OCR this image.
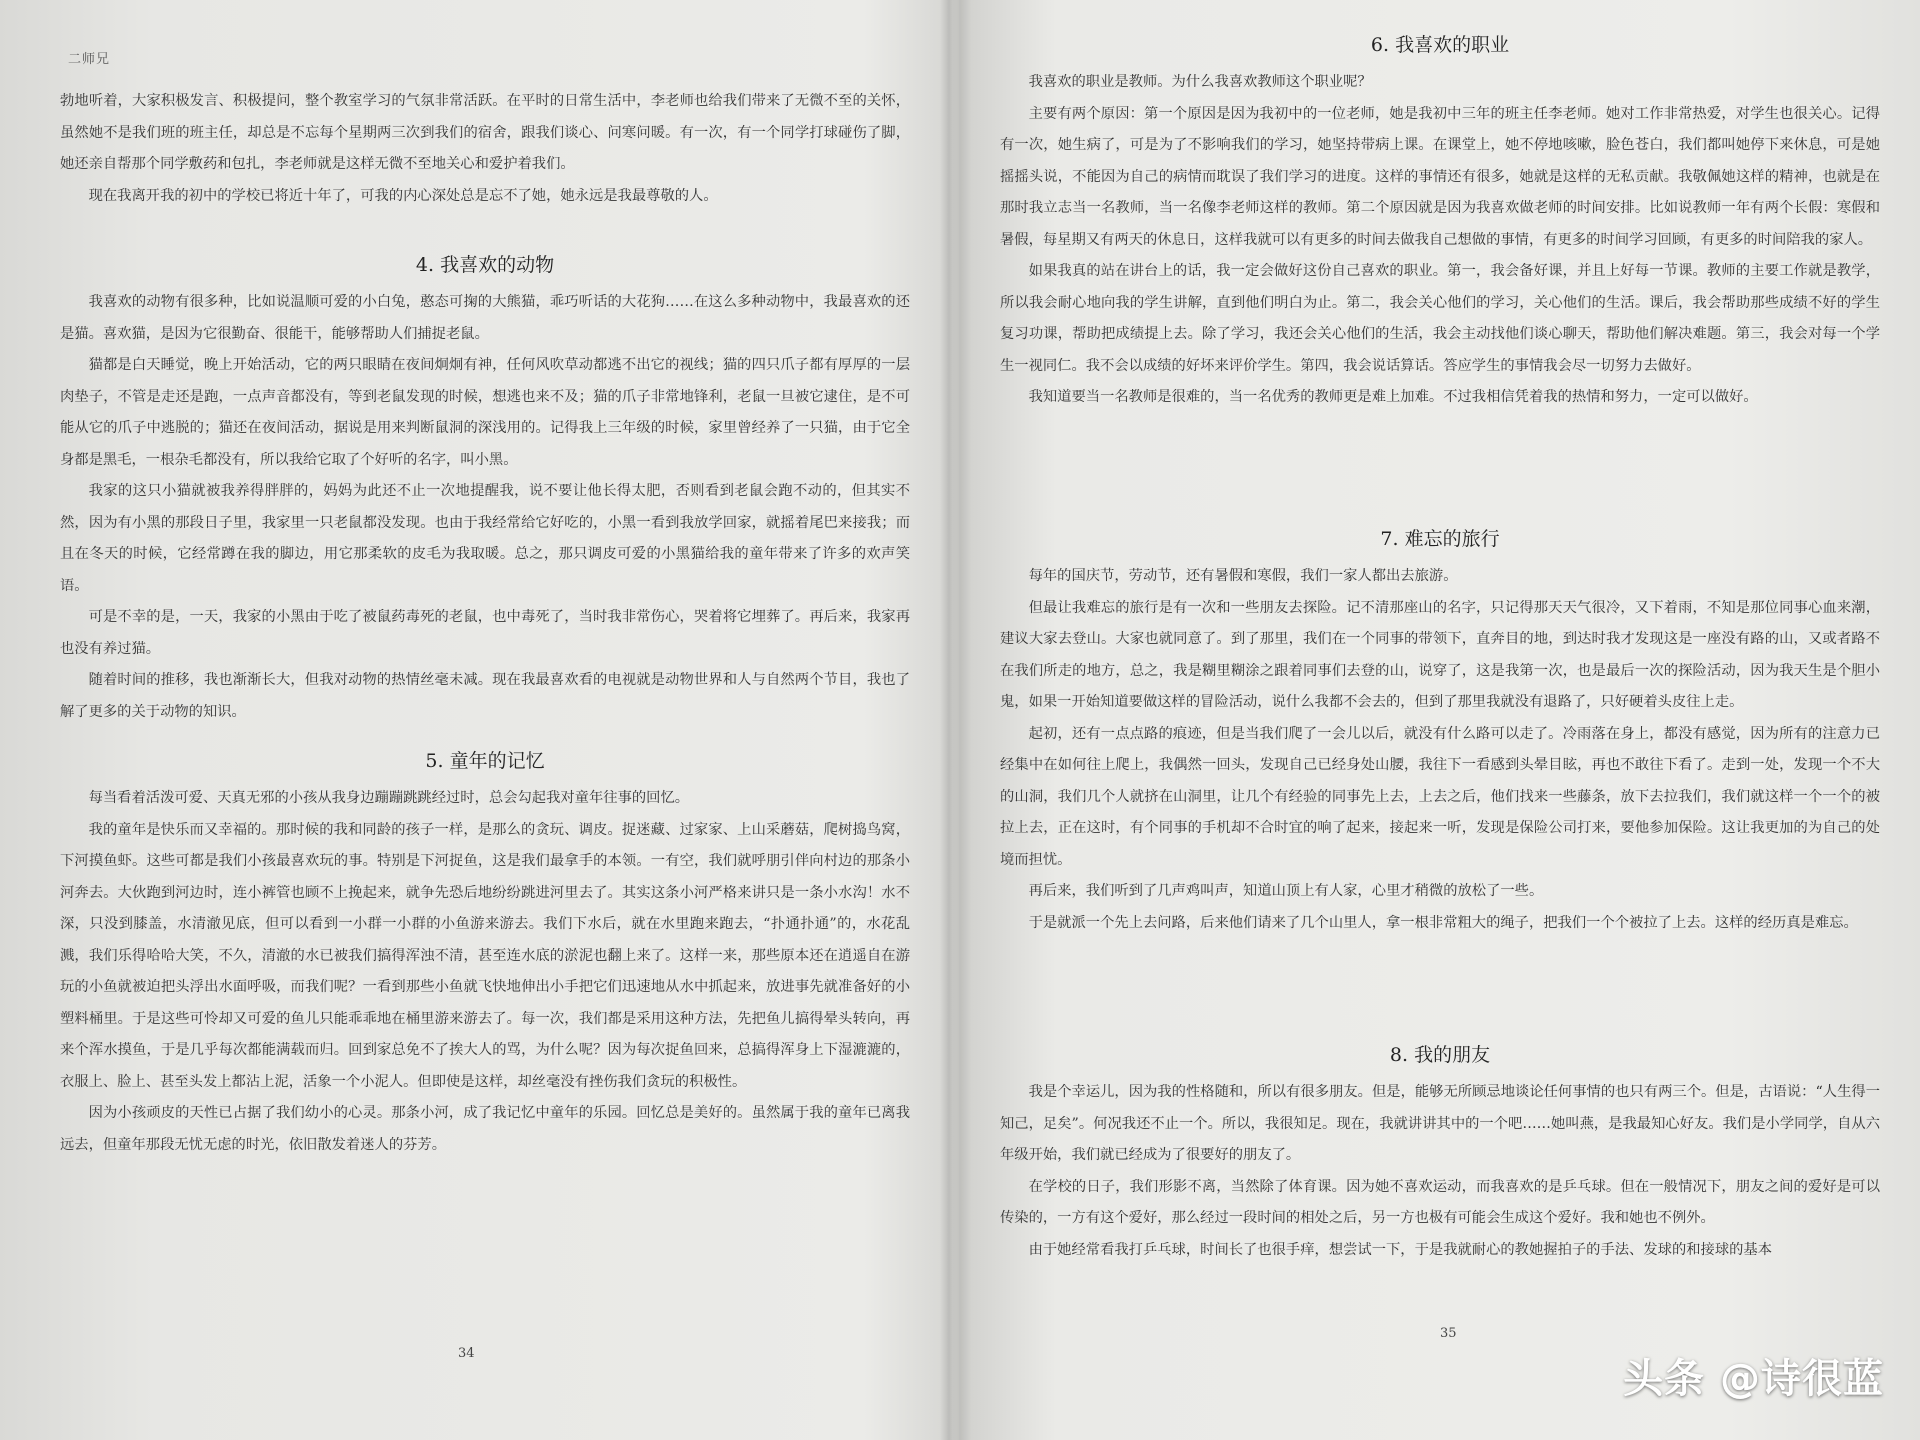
二师兄

勃地听着，大家积极发言、积极提问，整个教室学习的气氛非常活跃。在平时的日常生活中，李老师也给我们带来了无微不至的关怀，虽然她不是我们班的班主任，却总是不忘每个星期两三次到我们的宿舍，跟我们谈心、问寒问暖。有一次，有一个同学打球碰伤了脚，她还亲自帮那个同学敷药和包扎，李老师就是这样无微不至地关心和爱护着我们。

现在我离开我的初中的学校已将近十年了，可我的内心深处总是忘不了她，她永远是我最尊敬的人。

4. 我喜欢的动物

我喜欢的动物有很多种，比如说温顺可爱的小白兔，憨态可掬的大熊猫，乖巧听话的大花狗……在这么多种动物中，我最喜欢的还是猫。喜欢猫，是因为它很勤奋、很能干，能够帮助人们捕捉老鼠。

猫都是白天睡觉，晚上开始活动，它的两只眼睛在夜间炯炯有神，任何风吹草动都逃不出它的视线；猫的四只爪子都有厚厚的一层肉垫子，不管是走还是跑，一点声音都没有，等到老鼠发现的时候，想逃也来不及；猫的爪子非常地锋利，老鼠一旦被它逮住，是不可能从它的爪子中逃脱的；猫还在夜间活动，据说是用来判断鼠洞的深浅用的。记得我上三年级的时候，家里曾经养了一只猫，由于它全身都是黑毛，一根杂毛都没有，所以我给它取了个好听的名字，叫小黑。

我家的这只小猫就被我养得胖胖的，妈妈为此还不止一次地提醒我，说不要让他长得太肥，否则看到老鼠会跑不动的，但其实不然，因为有小黑的那段日子里，我家里一只老鼠都没发现。也由于我经常给它好吃的，小黑一看到我放学回家，就摇着尾巴来接我；而且在冬天的时候，它经常蹲在我的脚边，用它那柔软的皮毛为我取暖。总之，那只调皮可爱的小黑猫给我的童年带来了许多的欢声笑语。

可是不幸的是，一天，我家的小黑由于吃了被鼠药毒死的老鼠，也中毒死了，当时我非常伤心，哭着将它埋葬了。再后来，我家再也没有养过猫。

随着时间的推移，我也渐渐长大，但我对动物的热情丝毫未减。现在我最喜欢看的电视就是动物世界和人与自然两个节目，我也了解了更多的关于动物的知识。

5. 童年的记忆

每当看着活泼可爱、天真无邪的小孩从我身边蹦蹦跳跳经过时，总会勾起我对童年往事的回忆。

我的童年是快乐而又幸福的。那时候的我和同龄的孩子一样，是那么的贪玩、调皮。捉迷藏、过家家、上山采蘑菇，爬树捣鸟窝，下河摸鱼虾。这些可都是我们小孩最喜欢玩的事。特别是下河捉鱼，这是我们最拿手的本领。一有空，我们就呼朋引伴向村边的那条小河奔去。大伙跑到河边时，连小裤管也顾不上挽起来，就争先恐后地纷纷跳进河里去了。其实这条小河严格来讲只是一条小水沟！水不深，只没到膝盖，水清澈见底，但可以看到一小群一小群的小鱼游来游去。我们下水后，就在水里跑来跑去，“扑通扑通”的，水花乱溅，我们乐得哈哈大笑，不久，清澈的水已被我们搞得浑浊不清，甚至连水底的淤泥也翻上来了。这样一来，那些原本还在逍遥自在游玩的小鱼就被迫把头浮出水面呼吸，而我们呢？一看到那些小鱼就飞快地伸出小手把它们迅速地从水中抓起来，放进事先就准备好的小塑料桶里。于是这些可怜却又可爱的鱼儿只能乖乖地在桶里游来游去了。每一次，我们都是采用这种方法，先把鱼儿搞得晕头转向，再来个浑水摸鱼，于是几乎每次都能满载而归。回到家总免不了挨大人的骂，为什么呢？因为每次捉鱼回来，总搞得浑身上下湿漉漉的，衣服上、脸上、甚至头发上都沾上泥，活象一个小泥人。但即使是这样，却丝毫没有挫伤我们贪玩的积极性。

因为小孩顽皮的天性已占据了我们幼小的心灵。那条小河，成了我记忆中童年的乐园。回忆总是美好的。虽然属于我的童年已离我远去，但童年那段无忧无虑的时光，依旧散发着迷人的芬芳。

34
6. 我喜欢的职业

我喜欢的职业是教师。为什么我喜欢教师这个职业呢？

主要有两个原因：第一个原因是因为我初中的一位老师，她是我初中三年的班主任李老师。她对工作非常热爱，对学生也很关心。记得有一次，她生病了，可是为了不影响我们的学习，她坚持带病上课。在课堂上，她不停地咳嗽，脸色苍白，我们都叫她停下来休息，可是她摇摇头说，不能因为自己的病情而耽误了我们学习的进度。这样的事情还有很多，她就是这样的无私贡献。我敬佩她这样的精神，也就是在那时我立志当一名教师，当一名像李老师这样的教师。第二个原因就是因为我喜欢做老师的时间安排。比如说教师一年有两个长假：寒假和暑假，每星期又有两天的休息日，这样我就可以有更多的时间去做我自己想做的事情，有更多的时间学习回顾，有更多的时间陪我的家人。

如果我真的站在讲台上的话，我一定会做好这份自己喜欢的职业。第一，我会备好课，并且上好每一节课。教师的主要工作就是教学，所以我会耐心地向我的学生讲解，直到他们明白为止。第二，我会关心他们的学习，关心他们的生活。课后，我会帮助那些成绩不好的学生复习功课，帮助把成绩提上去。除了学习，我还会关心他们的生活，我会主动找他们谈心聊天，帮助他们解决难题。第三，我会对每一个学生一视同仁。我不会以成绩的好坏来评价学生。第四，我会说话算话。答应学生的事情我会尽一切努力去做好。

我知道要当一名教师是很难的，当一名优秀的教师更是难上加难。不过我相信凭着我的热情和努力，一定可以做好。

7. 难忘的旅行

每年的国庆节，劳动节，还有暑假和寒假，我们一家人都出去旅游。

但最让我难忘的旅行是有一次和一些朋友去探险。记不清那座山的名字，只记得那天天气很冷，又下着雨，不知是那位同事心血来潮，建议大家去登山。大家也就同意了。到了那里，我们在一个同事的带领下，直奔目的地，到达时我才发现这是一座没有路的山，又或者路不在我们所走的地方，总之，我是糊里糊涂之跟着同事们去登的山，说穿了，这是我第一次，也是最后一次的探险活动，因为我天生是个胆小鬼，如果一开始知道要做这样的冒险活动，说什么我都不会去的，但到了那里我就没有退路了，只好硬着头皮往上走。

起初，还有一点点路的痕迹，但是当我们爬了一会儿以后，就没有什么路可以走了。冷雨落在身上，都没有感觉，因为所有的注意力已经集中在如何往上爬上，我偶然一回头，发现自己已经身处山腰，我往下一看感到头晕目眩，再也不敢往下看了。走到一处，发现一个不大的山洞，我们几个人就挤在山洞里，让几个有经验的同事先上去，上去之后，他们找来一些藤条，放下去拉我们，我们就这样一个一个的被拉上去，正在这时，有个同事的手机却不合时宜的响了起来，接起来一听，发现是保险公司打来，要他参加保险。这让我更加的为自己的处境而担忧。

再后来，我们听到了几声鸡叫声，知道山顶上有人家，心里才稍微的放松了一些。

于是就派一个先上去问路，后来他们请来了几个山里人，拿一根非常粗大的绳子，把我们一个个被拉了上去。这样的经历真是难忘。

8. 我的朋友

我是个幸运儿，因为我的性格随和，所以有很多朋友。但是，能够无所顾忌地谈论任何事情的也只有两三个。但是，古语说：“人生得一知己，足矣”。何况我还不止一个。所以，我很知足。现在，我就讲讲其中的一个吧……她叫燕，是我最知心好友。我们是小学同学，自从六年级开始，我们就已经成为了很要好的朋友了。

在学校的日子，我们形影不离，当然除了体育课。因为她不喜欢运动，而我喜欢的是乒乓球。但在一般情况下，朋友之间的爱好是可以传染的，一方有这个爱好，那么经过一段时间的相处之后，另一方也极有可能会生成这个爱好。我和她也不例外。

由于她经常看我打乒乓球，时间长了也很手痒，想尝试一下，于是我就耐心的教她握拍子的手法、发球的和接球的基本

35
头条 @诗很蓝
